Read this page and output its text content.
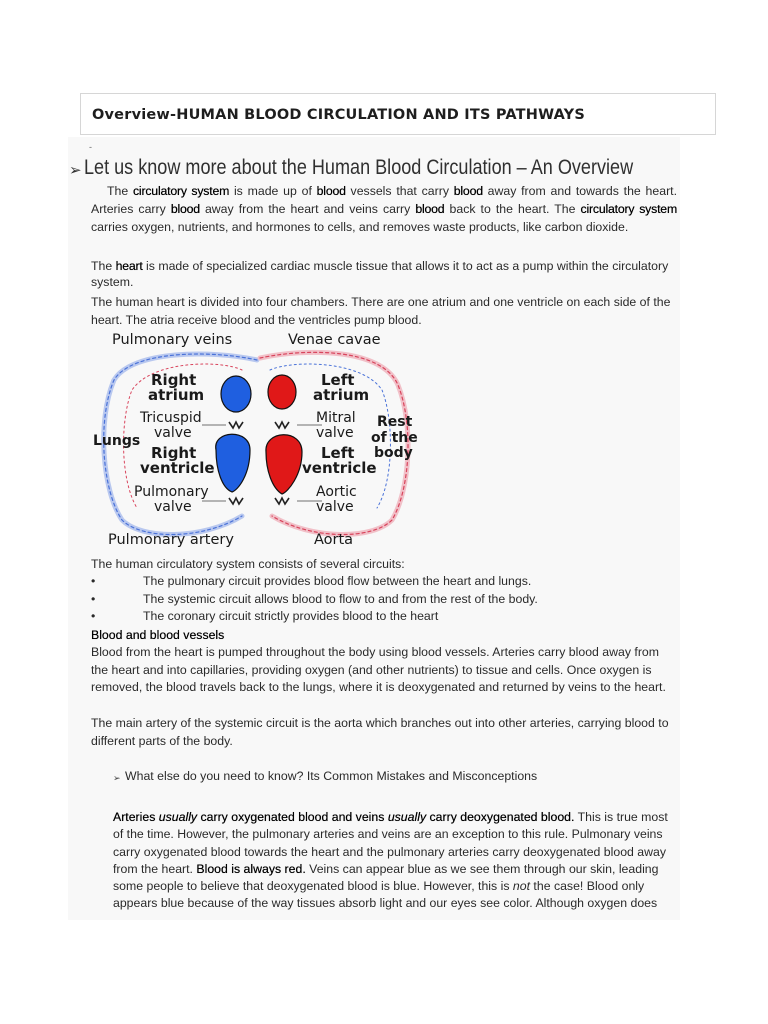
Overview-HUMAN BLOOD CIRCULATION AND ITS PATHWAYS
-
➢ Let us know more about the Human Blood Circulation – An Overview

The circulatory system is made up of blood vessels that carry blood away from and towards the heart. Arteries carry blood away from the heart and veins carry blood back to the heart. The circulatory system carries oxygen, nutrients, and hormones to cells, and removes waste products, like carbon dioxide.

The heart is made of specialized cardiac muscle tissue that allows it to act as a pump within the circulatory system.

The human heart is divided into four chambers. There are one atrium and one ventricle on each side of the heart. The atria receive blood and the ventricles pump blood.

Pulmonary veins	Venae cavae
Right
atrium
Left
atrium
Tricuspid
valve
Mitral
valve
Lungs
Rest
of the
body
Right
ventricle
Left
ventricle
Pulmonary
valve
Aortic
valve
Pulmonary artery	Aorta
The human circulatory system consists of several circuits:
•	The pulmonary circuit provides blood flow between the heart and lungs.
•	The systemic circuit allows blood to flow to and from the rest of the body.
•	The coronary circuit strictly provides blood to the heart
Blood and blood vessels

Blood from the heart is pumped throughout the body using blood vessels. Arteries carry blood away from the heart and into capillaries, providing oxygen (and other nutrients) to tissue and cells. Once oxygen is removed, the blood travels back to the lungs, where it is deoxygenated and returned by veins to the heart.

The main artery of the systemic circuit is the aorta which branches out into other arteries, carrying blood to different parts of the body.

➢ What else do you need to know? Its Common Mistakes and Misconceptions

Arteries usually carry oxygenated blood and veins usually carry deoxygenated blood. This is true most of the time. However, the pulmonary arteries and veins are an exception to this rule. Pulmonary veins carry oxygenated blood towards the heart and the pulmonary arteries carry deoxygenated blood away from the heart. Blood is always red. Veins can appear blue as we see them through our skin, leading some people to believe that deoxygenated blood is blue. However, this is not the case! Blood only appears blue because of the way tissues absorb light and our eyes see color. Although oxygen does
